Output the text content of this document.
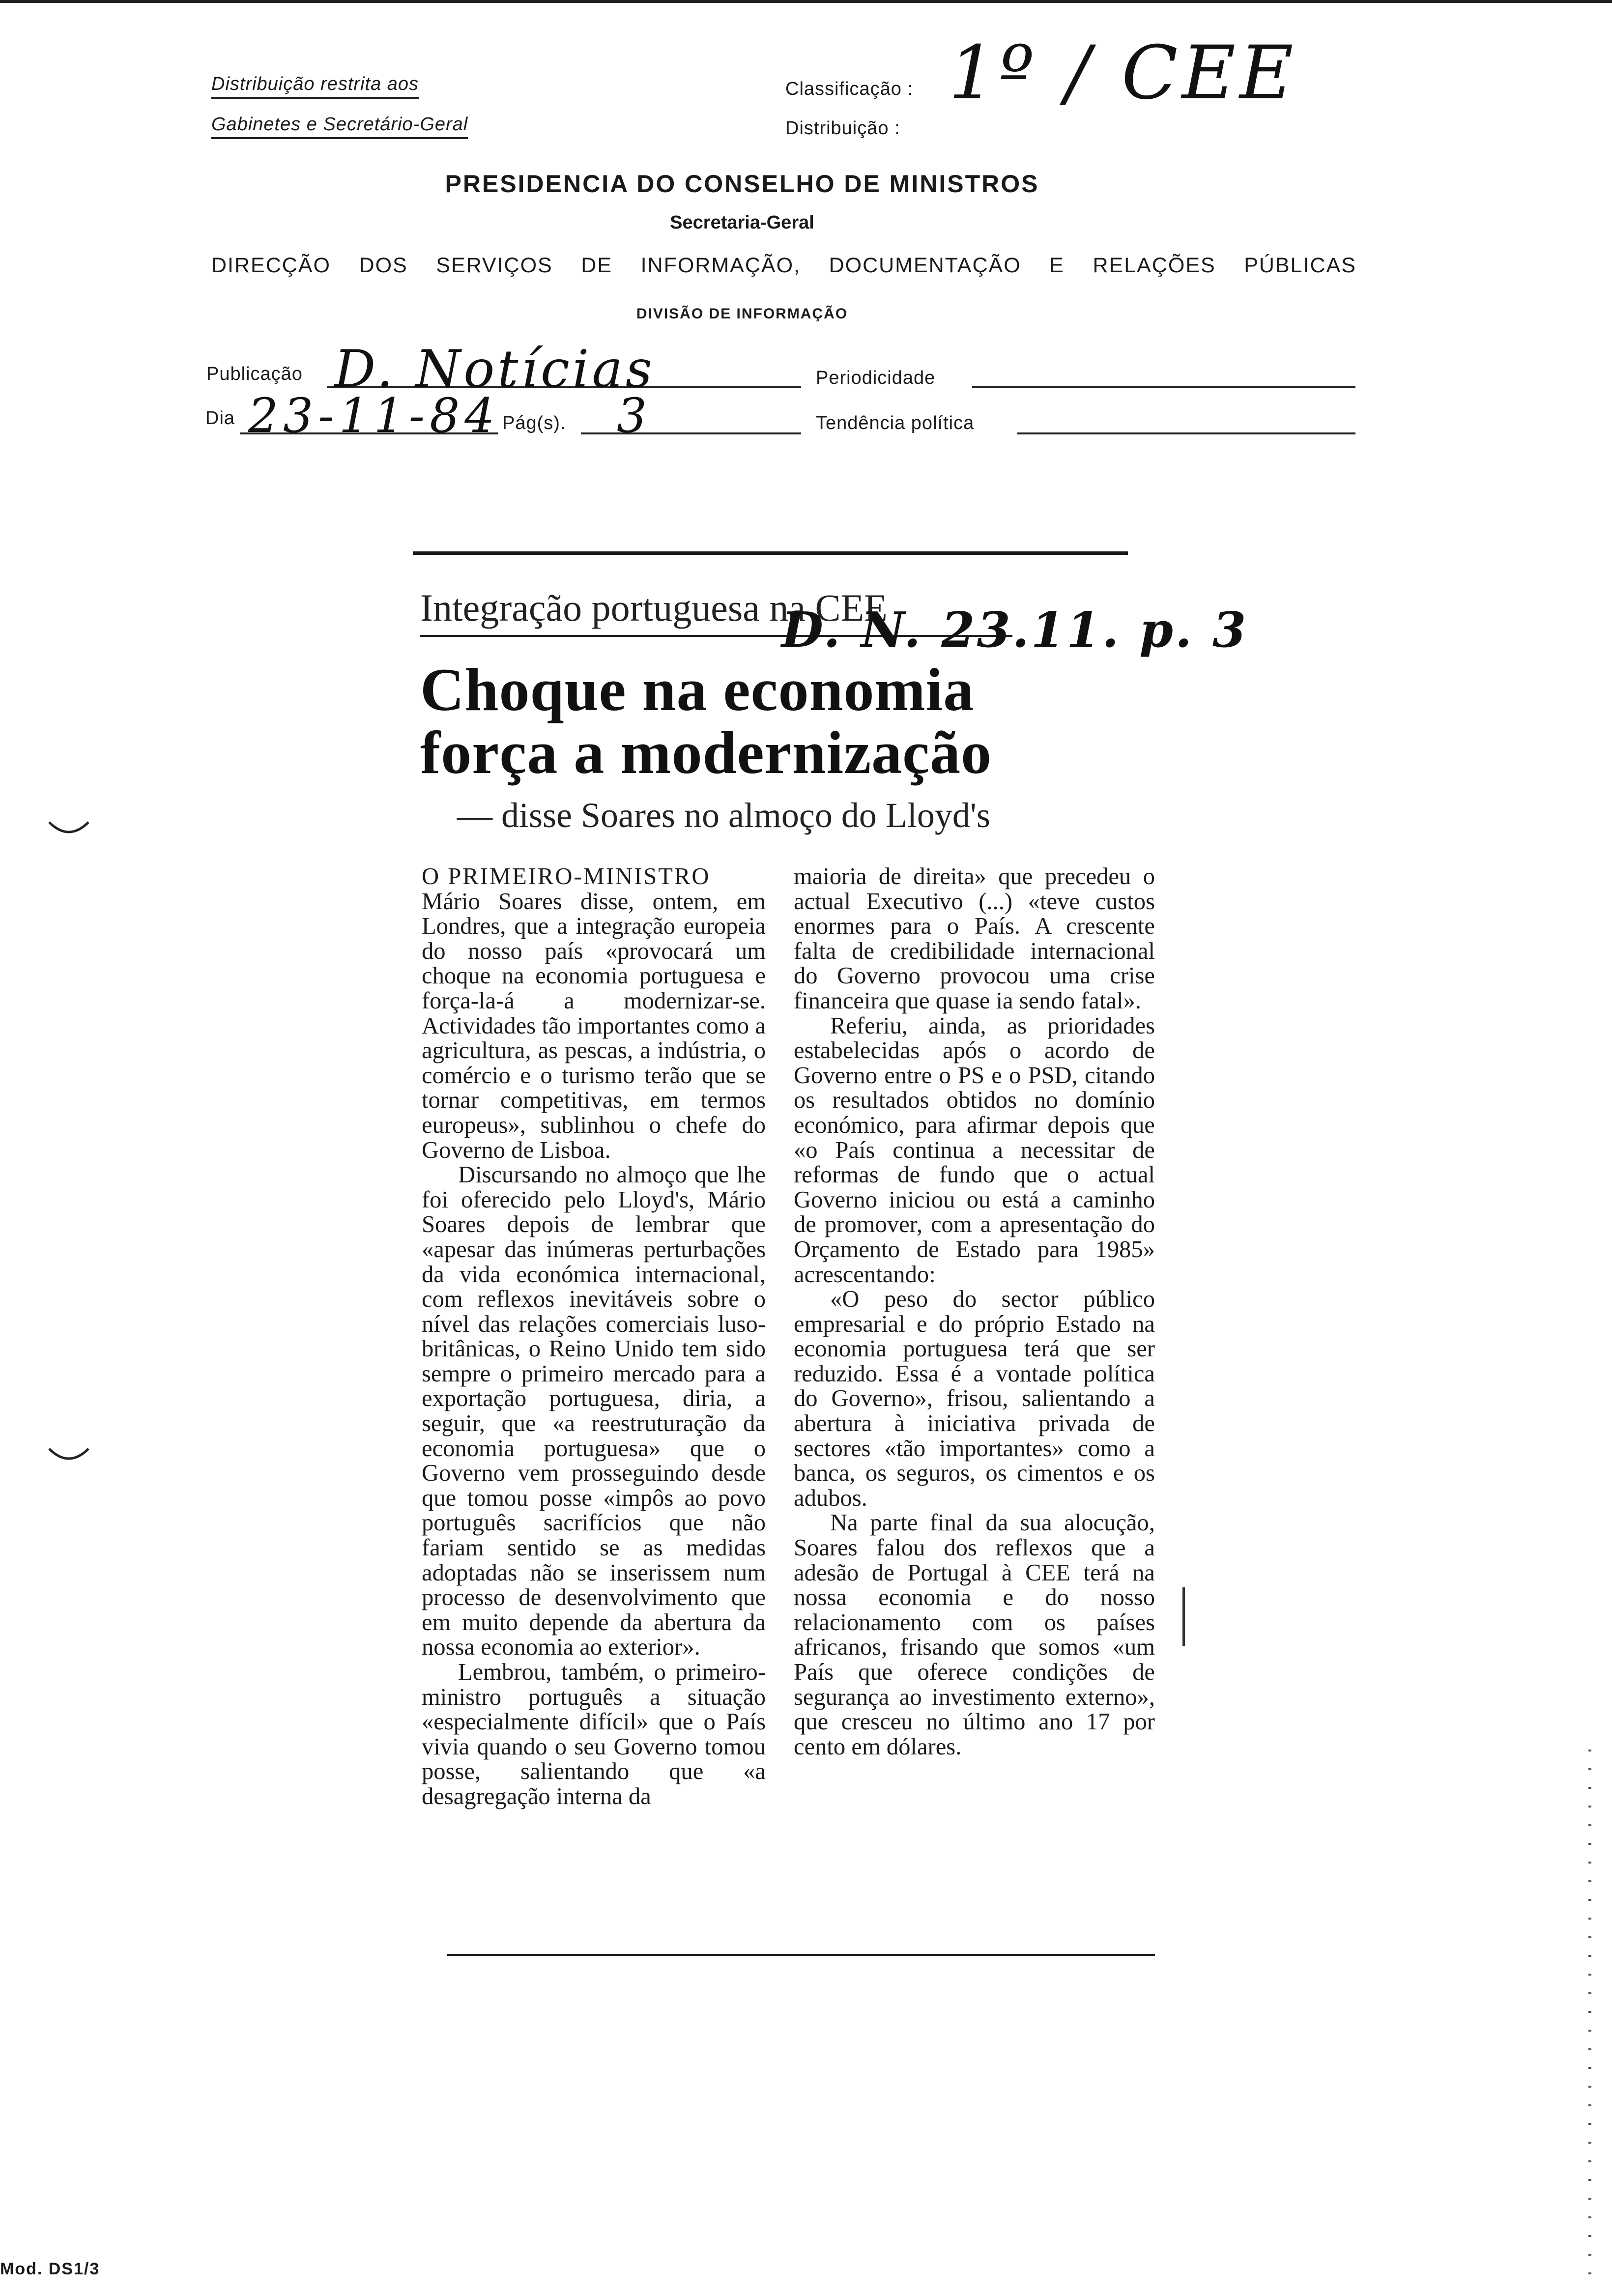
Distribuição restrita aos
Gabinetes e Secretário-Geral
Classificação :
Distribuição :
1º / CEE
PRESIDENCIA DO CONSELHO DE MINISTROS
Secretaria-Geral
DIRECÇÃO DOS SERVIÇOS DE INFORMAÇÃO, DOCUMENTAÇÃO E RELAÇÕES PÚBLICAS
DIVISÃO DE INFORMAÇÃO
Publicação D. Notícias	Periodicidade
Dia 23-11-84 Pág(s). 3	Tendência política
Integração portuguesa na CEE
D. N. 23.11. p. 3
Choque na economia
força a modernização
— disse Soares no almoço do Lloyd's

O PRIMEIRO-MINISTRO

Mário Soares disse, ontem, em Londres, que a integração europeia do nosso país «provocará um choque na economia portuguesa e força-la-á a modernizar-se. Actividades tão importantes como a agricultura, as pescas, a indústria, o comércio e o turismo terão que se tornar competitivas, em termos europeus», sublinhou o chefe do Governo de Lisboa.

Discursando no almoço que lhe foi oferecido pelo Lloyd's, Mário Soares depois de lembrar que «apesar das inúmeras perturbações da vida económica internacional, com reflexos inevitáveis sobre o nível das relações comerciais luso-britânicas, o Reino Unido tem sido sempre o primeiro mercado para a exportação portuguesa, diria, a seguir, que «a reestruturação da economia portuguesa» que o Governo vem prosseguindo desde que tomou posse «impôs ao povo português sacrifícios que não fariam sentido se as medidas adoptadas não se inserissem num processo de desenvolvimento que em muito depende da abertura da nossa economia ao exterior».

Lembrou, também, o primeiro-ministro português a situação «especialmente difícil» que o País vivia quando o seu Governo tomou posse, salientando que «a desagregação interna da

maioria de direita» que precedeu o actual Executivo (...) «teve custos enormes para o País. A crescente falta de credibilidade internacional do Governo provocou uma crise financeira que quase ia sendo fatal».

Referiu, ainda, as prioridades estabelecidas após o acordo de Governo entre o PS e o PSD, citando os resultados obtidos no domínio económico, para afirmar depois que «o País continua a necessitar de reformas de fundo que o actual Governo iniciou ou está a caminho de promover, com a apresentação do Orçamento de Estado para 1985» acrescentando:

«O peso do sector público empresarial e do próprio Estado na economia portuguesa terá que ser reduzido. Essa é a vontade política do Governo», frisou, salientando a abertura à iniciativa privada de sectores «tão importantes» como a banca, os seguros, os cimentos e os adubos.

Na parte final da sua alocução, Soares falou dos reflexos que a adesão de Portugal à CEE terá na nossa economia e do nosso relacionamento com os países africanos, frisando que somos «um País que oferece condições de segurança ao investimento externo», que cresceu no último ano 17 por cento em dólares.

Mod. DS1/3
